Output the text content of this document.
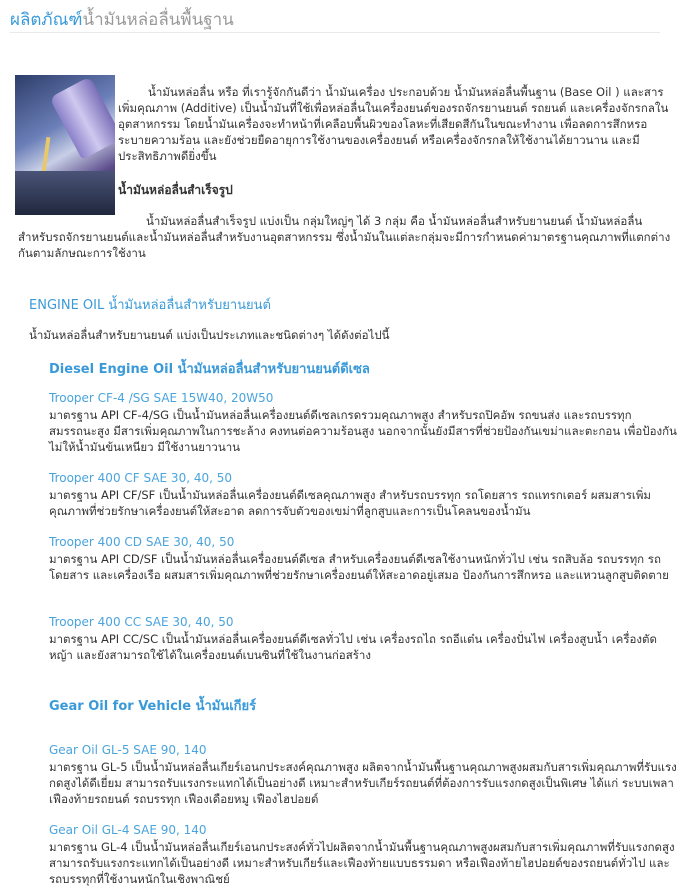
ผลิตภัณฑ์น้ำมันหล่อลื่นพื้นฐาน

น้ำมันหล่อลื่น หรือ ที่เรารู้จักกันดีว่า น้ำมันเครื่อง ประกอบด้วย น้ำมันหล่อลื่นพื้นฐาน (Base Oil ) และสารเพิ่มคุณภาพ (Additive) เป็นน้ำมันที่ใช้เพื่อหล่อลื่นในเครื่องยนต์ของรถจักรยานยนต์ รถยนต์ และเครื่องจักรกลในอุตสาหกรรม โดยน้ำมันเครื่องจะทำหน้าที่เคลือบพื้นผิวของโลหะที่เสียดสีกันในขณะทำงาน เพื่อลดการสึกหรอ ระบายความร้อน และยังช่วยยืดอายุการใช้งานของเครื่องยนต์ หรือเครื่องจักรกลให้ใช้งานได้ยาวนาน และมีประสิทธิภาพดียิ่งขึ้น

น้ำมันหล่อลื่นสำเร็จรูป

น้ำมันหล่อลื่นสำเร็จรูป แบ่งเป็น กลุ่มใหญ่ๆ ได้ 3 กลุ่ม คือ น้ำมันหล่อลื่นสำหรับยานยนต์ น้ำมันหล่อลื่นสำหรับรถจักรยานยนต์และน้ำมันหล่อลื่นสำหรับงานอุตสาหกรรม ซึ่งน้ำมันในแต่ละกลุ่มจะมีการกำหนดค่ามาตรฐานคุณภาพที่แตกต่างกันตามลักษณะการใช้งาน

ENGINE OIL น้ำมันหล่อลื่นสำหรับยานยนต์
น้ำมันหล่อลื่นสำหรับยานยนต์ แบ่งเป็นประเภทและชนิดต่างๆ ได้ดังต่อไปนี้
Diesel Engine Oil น้ำมันหล่อลื่นสำหรับยานยนต์ดีเซล
Trooper CF-4 /SG SAE 15W40, 20W50

มาตรฐาน API CF-4/SG เป็นน้ำมันหล่อลื่นเครื่องยนต์ดีเซลเกรดรวมคุณภาพสูง สำหรับรถปิคอัพ รถขนส่ง และรถบรรทุกสมรรถนะสูง มีสารเพิ่มคุณภาพในการชะล้าง คงทนต่อความร้อนสูง นอกจากนั้นยังมีสารที่ช่วยป้องกันเขม่าและตะกอน เพื่อป้องกันไม่ให้น้ำมันข้นเหนียว มีใช้งานยาวนาน

Trooper 400 CF SAE 30, 40, 50

มาตรฐาน API CF/SF เป็นน้ำมันหล่อลื่นเครื่องยนต์ดีเซลคุณภาพสูง สำหรับรถบรรทุก รถโดยสาร รถแทรกเตอร์ ผสมสารเพิ่มคุณภาพที่ช่วยรักษาเครื่องยนต์ให้สะอาด ลดการจับตัวของเขม่าที่ลูกสูบและการเป็นโคลนของน้ำมัน

Trooper 400 CD SAE 30, 40, 50

มาตรฐาน API CD/SF เป็นน้ำมันหล่อลื่นเครื่องยนต์ดีเซล สำหรับเครื่องยนต์ดีเซลใช้งานหนักทั่วไป เช่น รถสิบล้อ รถบรรทุก รถโดยสาร และเครื่องเรือ ผสมสารเพิ่มคุณภาพที่ช่วยรักษาเครื่องยนต์ให้สะอาดอยู่เสมอ ป้องกันการสึกหรอ และแหวนลูกสูบติดตาย

Trooper 400 CC SAE 30, 40, 50

มาตรฐาน API CC/SC เป็นน้ำมันหล่อลื่นเครื่องยนต์ดีเซลทั่วไป เช่น เครื่องรถไถ รถอีแต๋น เครื่องปั่นไฟ เครื่องสูบน้ำ เครื่องตัดหญ้า และยังสามารถใช้ได้ในเครื่องยนต์เบนซินที่ใช้ในงานก่อสร้าง

Gear Oil for Vehicle น้ำมันเกียร์
Gear Oil GL-5 SAE 90, 140

มาตรฐาน GL-5 เป็นน้ำมันหล่อลื่นเกียร์เอนกประสงค์คุณภาพสูง ผลิตจากน้ำมันพื้นฐานคุณภาพสูงผสมกับสารเพิ่มคุณภาพที่รับแรงกดสูงได้ดีเยี่ยม สามารถรับแรงกระแทกได้เป็นอย่างดี เหมาะสำหรับเกียร์รถยนต์ที่ต้องการรับแรงกดสูงเป็นพิเศษ ได้แก่ ระบบเพลา เฟืองท้ายรถยนต์ รถบรรทุก เฟืองเดือยหมู เฟืองไฮปอยด์

Gear Oil GL-4 SAE 90, 140

มาตรฐาน GL-4 เป็นน้ำมันหล่อลื่นเกียร์เอนกประสงค์ทั่วไปผลิตจากน้ำมันพื้นฐานคุณภาพสูงผสมกับสารเพิ่มคุณภาพที่รับแรงกดสูง สามารถรับแรงกระแทกได้เป็นอย่างดี เหมาะสำหรับเกียร์และเฟืองท้ายแบบธรรมดา หรือเฟืองท้ายไฮปอยด์ของรถยนต์ทั่วไป และรถบรรทุกที่ใช้งานหนักในเชิงพาณิชย์
